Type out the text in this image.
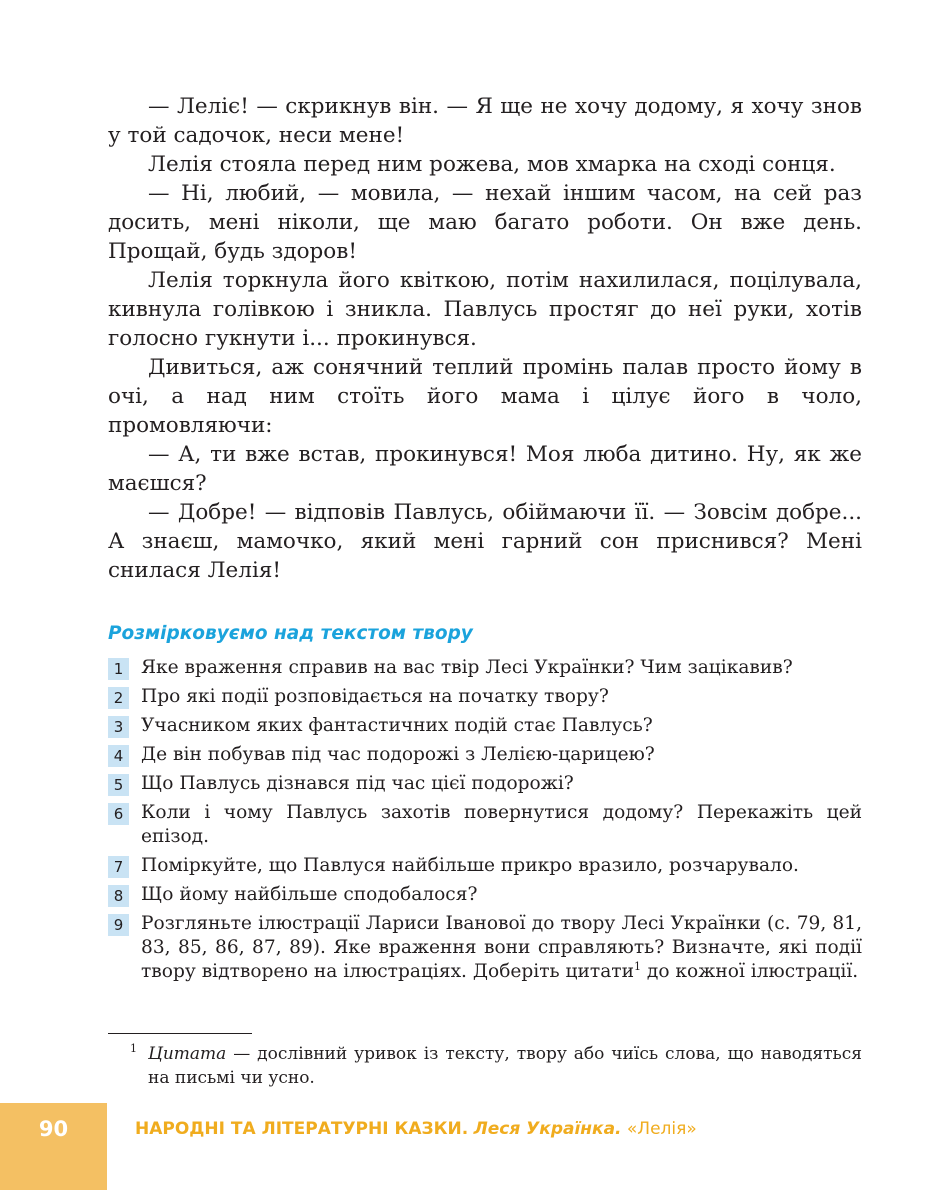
— Леліє! — скрикнув він. — Я ще не хочу додому, я хочу знов у той садочок, неси мене!

Лелія стояла перед ним рожева, мов хмарка на сході сонця.

— Ні, любий, — мовила, — нехай іншим часом, на сей раз досить, мені ніколи, ще маю багато роботи. Он вже день. Прощай, будь здоров!

Лелія торкнула його квіткою, потім нахилилася, поцілувала, кивнула голівкою і зникла. Павлусь простяг до неї руки, хотів голосно гукнути і... прокинувся.

Дивиться, аж сонячний теплий промінь палав просто йому в очі, а над ним стоїть його мама і цілує його в чоло, промовляючи:

— А, ти вже встав, прокинувся! Моя люба дитино. Ну, як же маєшся?

— Добре! — відповів Павлусь, обіймаючи її. — Зовсім добре... А знаєш, мамочко, який мені гарний сон приснився? Мені снилася Лелія!

Розмірковуємо над текстом твору
1 Яке враження справив на вас твір Лесі Українки? Чим зацікавив?
2 Про які події розповідається на початку твору?
3 Учасником яких фантастичних подій стає Павлусь?
4 Де він побував під час подорожі з Лелією-царицею?
5 Що Павлусь дізнався під час цієї подорожі?
6 Коли і чому Павлусь захотів повернутися додому? Перекажіть цей епізод.
7 Поміркуйте, що Павлуся найбільше прикро вразило, розчарувало.
8 Що йому найбільше сподобалося?
9 Розгляньте ілюстрації Лариси Іванової до твору Лесі Українки (с. 79, 81, 83, 85, 86, 87, 89). Яке враження вони справляють? Визначте, які події твору відтворено на ілюстраціях. Доберіть цитати$^1$ до кожної ілюстрації.
1 Цитата — дослівний уривок із тексту, твору або чиїсь слова, що наводяться на письмі чи усно.
90	НАРОДНІ ТА ЛІТЕРАТУРНІ КАЗКИ. Леся Українка. «Лелія»
